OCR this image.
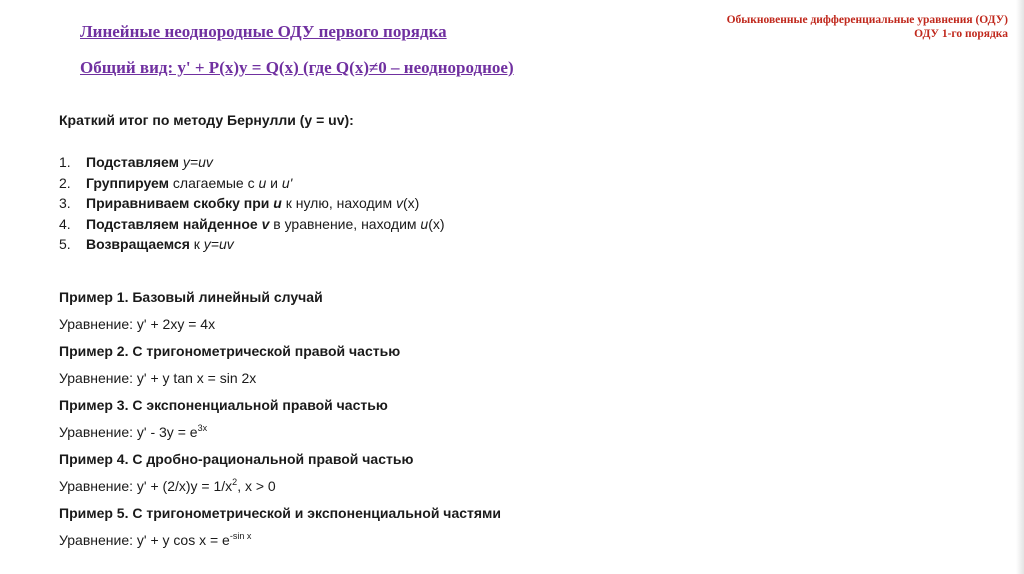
Обыкновенные дифференциальные уравнения (ОДУ)
ОДУ 1-го порядка
Линейные неоднородные ОДУ первого порядка
Общий вид: y' + P(x)y = Q(x) (где Q(x)≠0 – неоднородное)

Краткий итог по методу Бернулли (y = uv):

1. Подставляем y=uv
2. Группируем слагаемые с u и u'
3. Приравниваем скобку при u к нулю, находим v(x)
4. Подставляем найденное v в уравнение, находим u(x)
5. Возвращаемся к y=uv
Пример 1. Базовый линейный случай
Уравнение: y' + 2xy = 4x
Пример 2. С тригонометрической правой частью
Уравнение: y' + y tan x = sin 2x
Пример 3. С экспоненциальной правой частью
Уравнение: $y' - 3y = e^{3x}$
Пример 4. С дробно-рациональной правой частью
Уравнение: $y' + (2/x)y = 1/x^2$, x > 0
Пример 5. С тригонометрической и экспоненциальной частями
Уравнение: y' + y $\cos x = e^{-sin x}$
